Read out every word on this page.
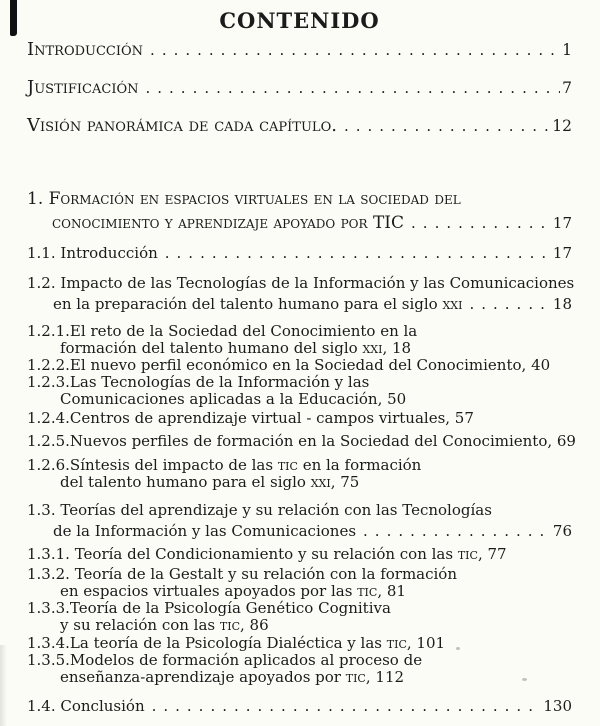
CONTENIDO
Introducción .....	1
Justificación .....	7
Visión panorámica de cada capítulo. .....	12
1. Formación en espacios virtuales en la sociedad del
conocimiento y aprendizaje apoyado por TIC .....	17
1.1. Introducción .....	17
1.2. Impacto de las Tecnologías de la Información y las Comunicaciones
en la preparación del talento humano para el siglo xxi .....	18
1.2.1.El reto de la Sociedad del Conocimiento en la
formación del talento humano del siglo xxi, 18
1.2.2.El nuevo perfil económico en la Sociedad del Conocimiento, 40
1.2.3.Las Tecnologías de la Información y las
Comunicaciones aplicadas a la Educación, 50
1.2.4.Centros de aprendizaje virtual - campos virtuales, 57
1.2.5.Nuevos perfiles de formación en la Sociedad del Conocimiento, 69
1.2.6.Síntesis del impacto de las tic en la formación
del talento humano para el siglo xxi, 75
1.3. Teorías del aprendizaje y su relación con las Tecnologías
de la Información y las Comunicaciones .....	76
1.3.1. Teoría del Condicionamiento y su relación con las tic, 77
1.3.2. Teoría de la Gestalt y su relación con la formación
en espacios virtuales apoyados por las tic, 81
1.3.3.Teoría de la Psicología Genético Cognitiva
y su relación con las tic, 86
1.3.4.La teoría de la Psicología Dialéctica y las tic, 101
1.3.5.Modelos de formación aplicados al proceso de
enseñanza-aprendizaje apoyados por tic, 112
1.4. Conclusión .....	130
